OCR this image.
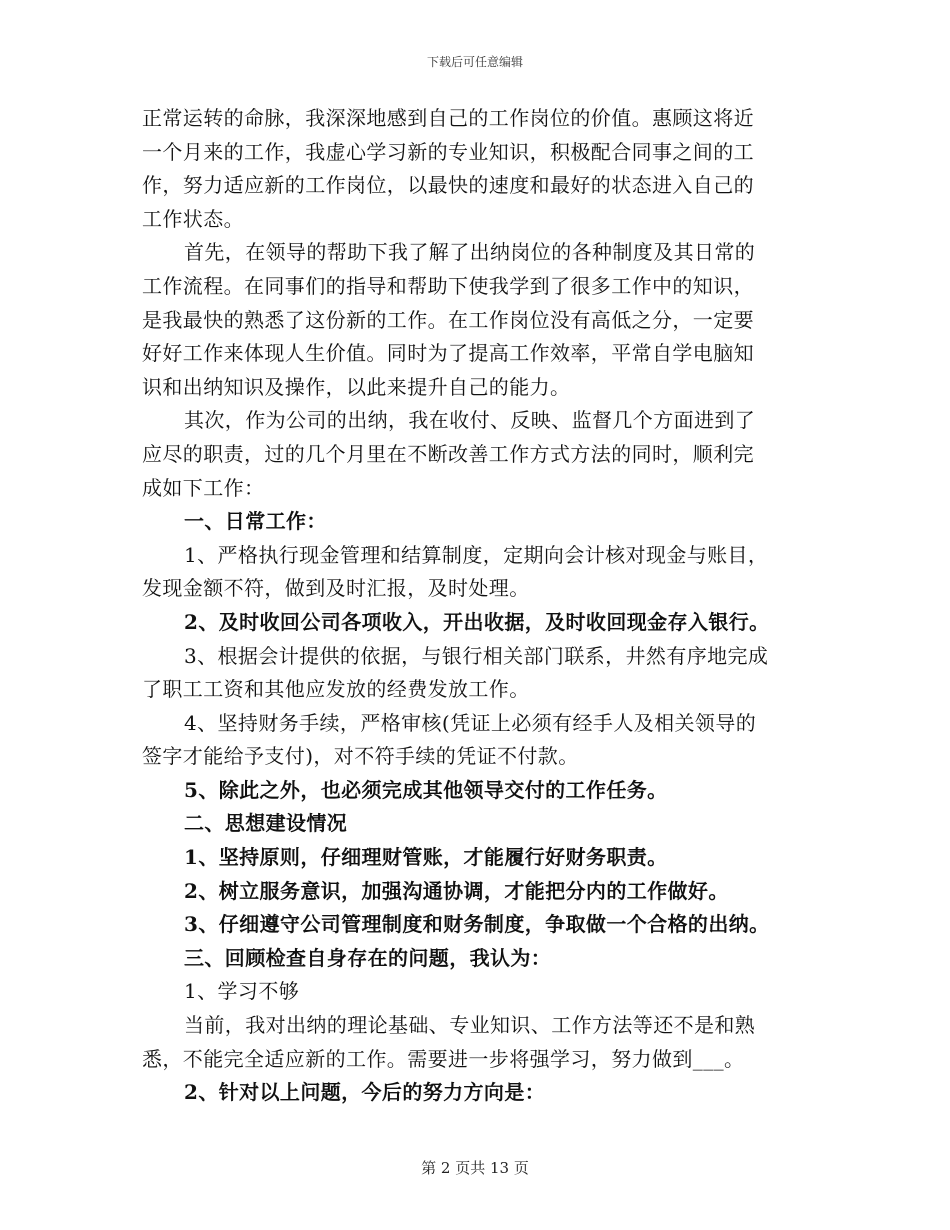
下载后可任意编辑
正常运转的命脉，我深深地感到自己的工作岗位的价值。惠顾这将近
一个月来的工作，我虚心学习新的专业知识，积极配合同事之间的工
作，努力适应新的工作岗位，以最快的速度和最好的状态进入自己的
工作状态。
首先，在领导的帮助下我了解了出纳岗位的各种制度及其日常的
工作流程。在同事们的指导和帮助下使我学到了很多工作中的知识，
是我最快的熟悉了这份新的工作。在工作岗位没有高低之分，一定要
好好工作来体现人生价值。同时为了提高工作效率，平常自学电脑知
识和出纳知识及操作，以此来提升自己的能力。
其次，作为公司的出纳，我在收付、反映、监督几个方面进到了
应尽的职责，过的几个月里在不断改善工作方式方法的同时，顺利完
成如下工作：
一、日常工作：
1、严格执行现金管理和结算制度，定期向会计核对现金与账目，
发现金额不符，做到及时汇报，及时处理。
2、及时收回公司各项收入，开出收据，及时收回现金存入银行。
3、根据会计提供的依据，与银行相关部门联系，井然有序地完成
了职工工资和其他应发放的经费发放工作。
4、坚持财务手续，严格审核(凭证上必须有经手人及相关领导的
签字才能给予支付)，对不符手续的凭证不付款。
5、除此之外，也必须完成其他领导交付的工作任务。
二、思想建设情况
1、坚持原则，仔细理财管账，才能履行好财务职责。
2、树立服务意识，加强沟通协调，才能把分内的工作做好。
3、仔细遵守公司管理制度和财务制度，争取做一个合格的出纳。
三、回顾检查自身存在的问题，我认为：
1、学习不够
当前，我对出纳的理论基础、专业知识、工作方法等还不是和熟
悉，不能完全适应新的工作。需要进一步将强学习，努力做到___。
2、针对以上问题，今后的努力方向是：
第 2 页共 13 页
